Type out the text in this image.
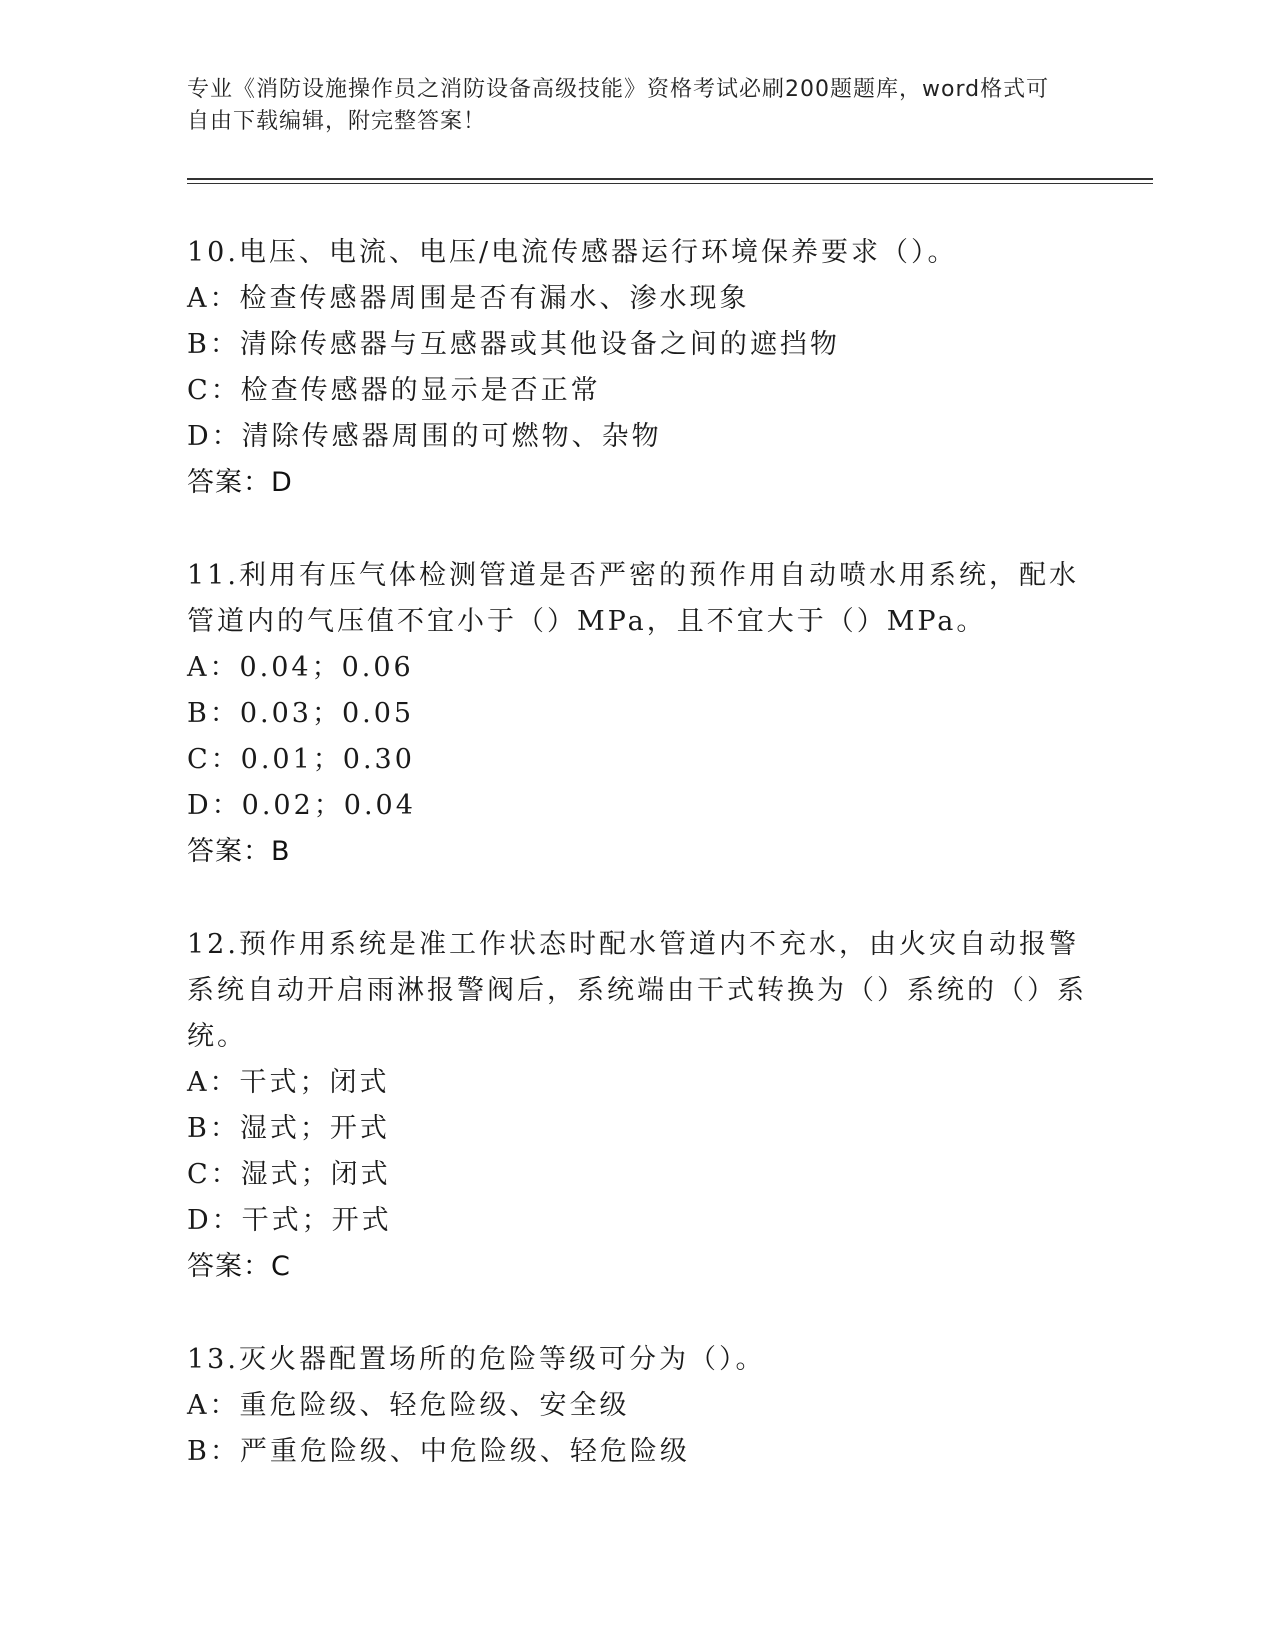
专业《消防设施操作员之消防设备高级技能》资格考试必刷200题题库，word格式可自由下载编辑，附完整答案！
10.电压、电流、电压/电流传感器运行环境保养要求（）。
A：检查传感器周围是否有漏水、渗水现象
B：清除传感器与互感器或其他设备之间的遮挡物
C：检查传感器的显示是否正常
D：清除传感器周围的可燃物、杂物
答案：D
11.利用有压气体检测管道是否严密的预作用自动喷水用系统，配水管道内的气压值不宜小于（）MPa，且不宜大于（）MPa。
A：0.04；0.06
B：0.03；0.05
C：0.01；0.30
D：0.02；0.04
答案：B
12.预作用系统是准工作状态时配水管道内不充水，由火灾自动报警系统自动开启雨淋报警阀后，系统端由干式转换为（）系统的（）系统。
A：干式；闭式
B：湿式；开式
C：湿式；闭式
D：干式；开式
答案：C
13.灭火器配置场所的危险等级可分为（）。
A：重危险级、轻危险级、安全级
B：严重危险级、中危险级、轻危险级
